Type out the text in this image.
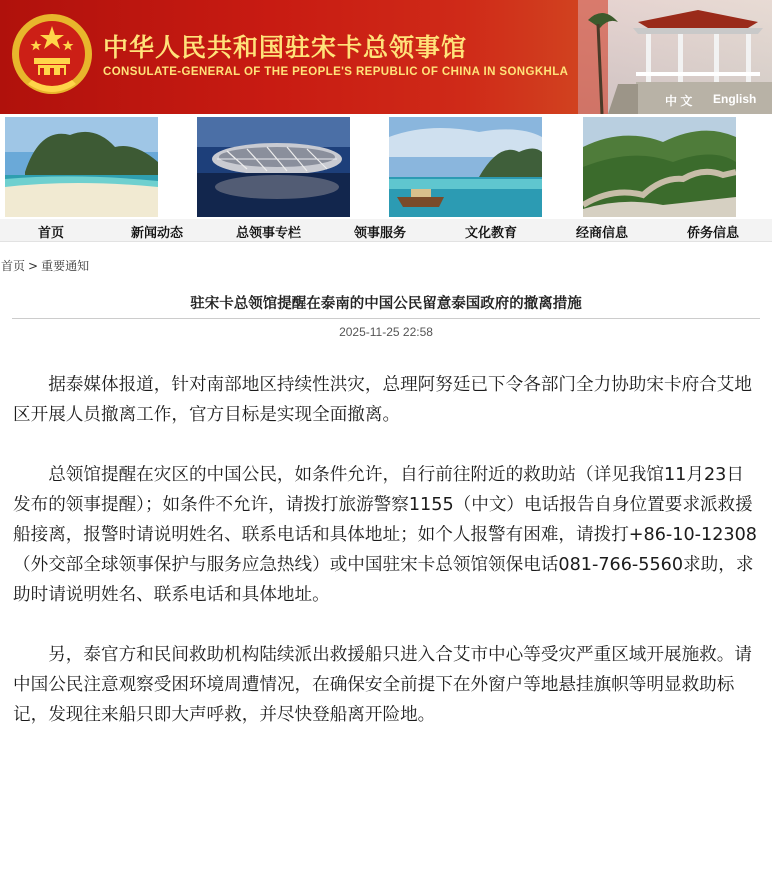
中华人民共和国驻宋卡总领事馆
CONSULATE-GENERAL OF THE PEOPLE'S REPUBLIC OF CHINA IN SONGKHLA
中 文 English
首页	新闻动态	总领事专栏	领事服务	文化教育	经商信息	侨务信息
首页 > 重要通知
驻宋卡总领馆提醒在泰南的中国公民留意泰国政府的撤离措施
2025-11-25 22:58

据泰媒体报道，针对南部地区持续性洪灾，总理阿努廷已下令各部门全力协助宋卡府合艾地区开展人员撤离工作，官方目标是实现全面撤离。

总领馆提醒在灾区的中国公民，如条件允许，自行前往附近的救助站（详见我馆11月23日发布的领事提醒）；如条件不允许，请拨打旅游警察1155（中文）电话报告自身位置要求派救援船接离，报警时请说明姓名、联系电话和具体地址；如个人报警有困难，请拨打+86-10-12308（外交部全球领事保护与服务应急热线）或中国驻宋卡总领馆领保电话081-766-5560求助，求助时请说明姓名、联系电话和具体地址。

另，泰官方和民间救助机构陆续派出救援船只进入合艾市中心等受灾严重区域开展施救。请中国公民注意观察受困环境周遭情况，在确保安全前提下在外窗户等地悬挂旗帜等明显救助标记，发现往来船只即大声呼救，并尽快登船离开险地。
